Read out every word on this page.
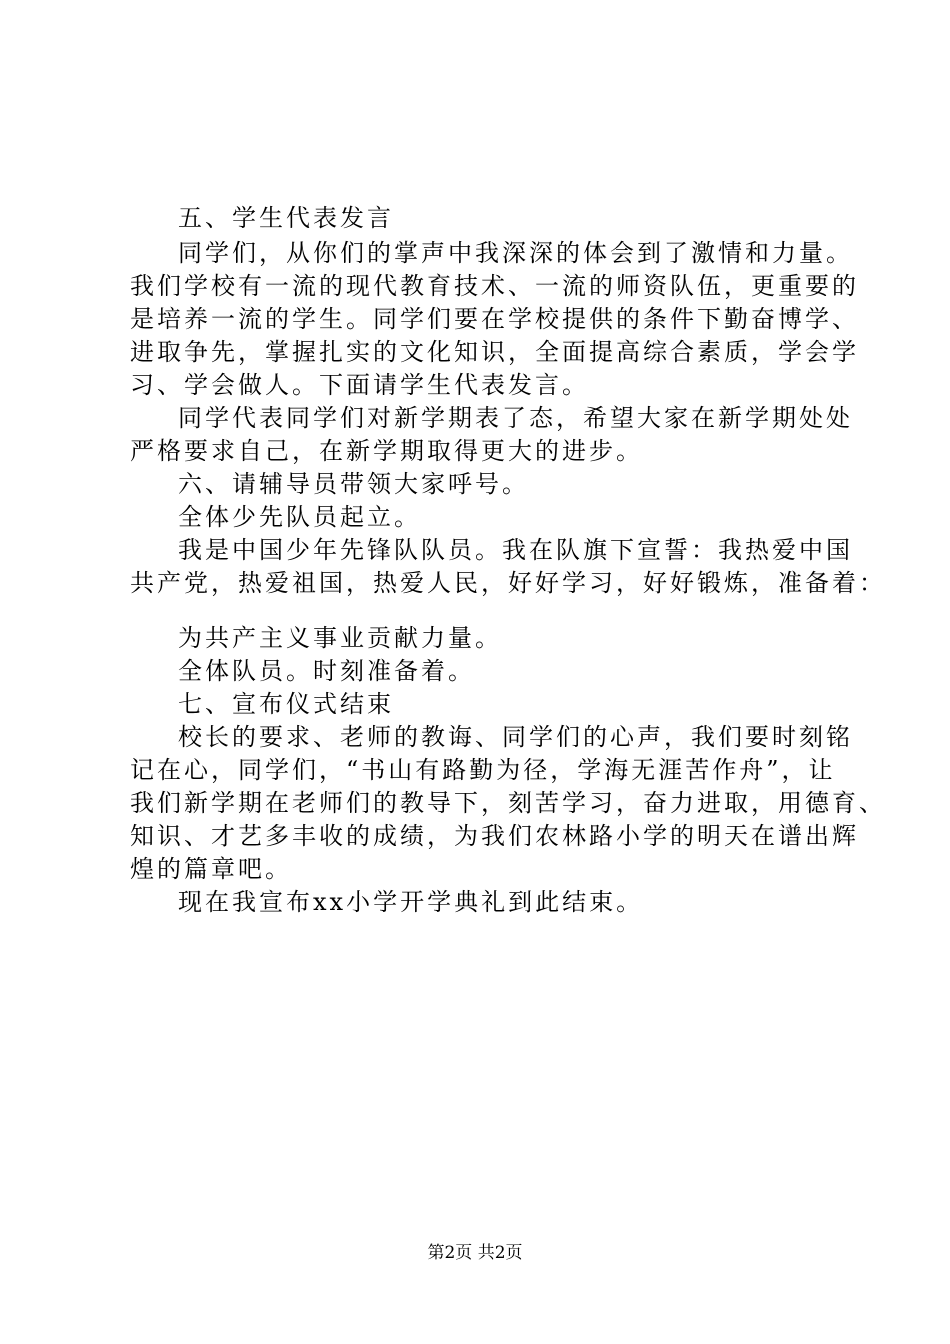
五、学生代表发言
同学们，从你们的掌声中我深深的体会到了激情和力量。
我们学校有一流的现代教育技术、一流的师资队伍，更重要的
是培养一流的学生。同学们要在学校提供的条件下勤奋博学、
进取争先，掌握扎实的文化知识，全面提高综合素质，学会学
习、学会做人。下面请学生代表发言。
同学代表同学们对新学期表了态，希望大家在新学期处处
严格要求自己，在新学期取得更大的进步。
六、请辅导员带领大家呼号。
全体少先队员起立。
我是中国少年先锋队队员。我在队旗下宣誓：我热爱中国
共产党，热爱祖国，热爱人民，好好学习，好好锻炼，准备着：
为共产主义事业贡献力量。
全体队员。时刻准备着。
七、宣布仪式结束
校长的要求、老师的教诲、同学们的心声，我们要时刻铭
记在心，同学们，“书山有路勤为径，学海无涯苦作舟”，让
我们新学期在老师们的教导下，刻苦学习，奋力进取，用德育、
知识、才艺多丰收的成绩，为我们农林路小学的明天在谱出辉
煌的篇章吧。
现在我宣布xx小学开学典礼到此结束。
第2页 共2页
